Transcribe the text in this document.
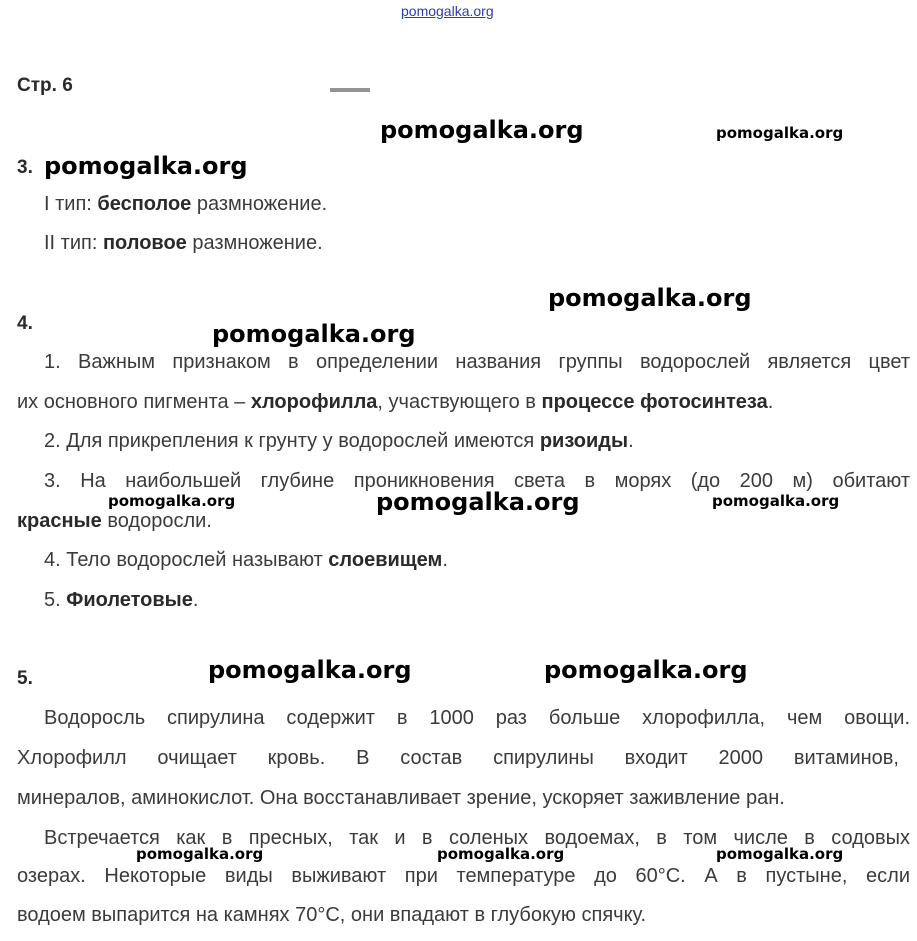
pomogalka.org
Стр. 6
3.
I тип: бесполое размножение.
II тип: половое размножение.
4.
1. Важным признаком в определении названия группы водорослей является цвет
их основного пигмента – хлорофилла, участвующего в процессе фотосинтеза.
2. Для прикрепления к грунту у водорослей имеются ризоиды.
3. На наибольшей глубине проникновения света в морях (до 200 м) обитают
красные водоросли.
4. Тело водорослей называют слоевищем.
5. Фиолетовые.
5.
Водоросль спирулина содержит в 1000 раз больше хлорофилла, чем овощи.
Хлорофилл очищает кровь. В состав спирулины входит 2000 витаминов,
минералов, аминокислот. Она восстанавливает зрение, ускоряет заживление ран.
Встречается как в пресных, так и в соленых водоемах, в том числе в содовых
озерах. Некоторые виды выживают при температуре до 60°С. А в пустыне, если
водоем выпарится на камнях 70°С, они впадают в глубокую спячку.
pomogalka.org
pomogalka.org
pomogalka.org
pomogalka.org
pomogalka.org
pomogalka.org	pomogalka.org
pomogalka.org
pomogalka.org	pomogalka.org
pomogalka.org	pomogalka.org	pomogalka.org
